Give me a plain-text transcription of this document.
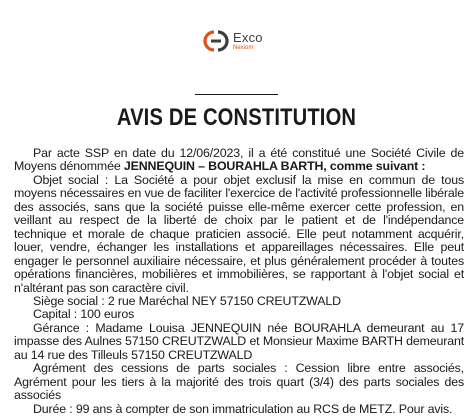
Exco
Nexiom
AVIS DE CONSTITUTION

Par acte SSP en date du 12/06/2023, il a été constitué une Société Civile de Moyens dénommée JENNEQUIN – BOURAHLA BARTH, comme suivant :

Objet social : La Société a pour objet exclusif la mise en commun de tous moyens nécessaires en vue de faciliter l'exercice de l'activité professionnelle libérale des associés, sans que la société puisse elle-même exercer cette profession, en veillant au respect de la liberté de choix par le patient et de l'indépendance technique et morale de chaque praticien associé. Elle peut notamment acquérir, louer, vendre, échanger les installations et appareillages nécessaires. Elle peut engager le personnel auxiliaire nécessaire, et plus généralement procéder à toutes opérations financières, mobilières et immobilières, se rapportant à l'objet social et n'altérant pas son caractère civil.

Siège social : 2 rue Maréchal NEY 57150 CREUTZWALD

Capital : 100 euros

Gérance : Madame Louisa JENNEQUIN née BOURAHLA demeurant au 17 impasse des Aulnes 57150 CREUTZWALD et Monsieur Maxime BARTH demeurant au 14 rue des Tilleuls 57150 CREUTZWALD

Agrément des cessions de parts sociales : Cession libre entre associés, Agrément pour les tiers à la majorité des trois quart (3/4) des parts sociales des associés

Durée : 99 ans à compter de son immatriculation au RCS de METZ. Pour avis.
